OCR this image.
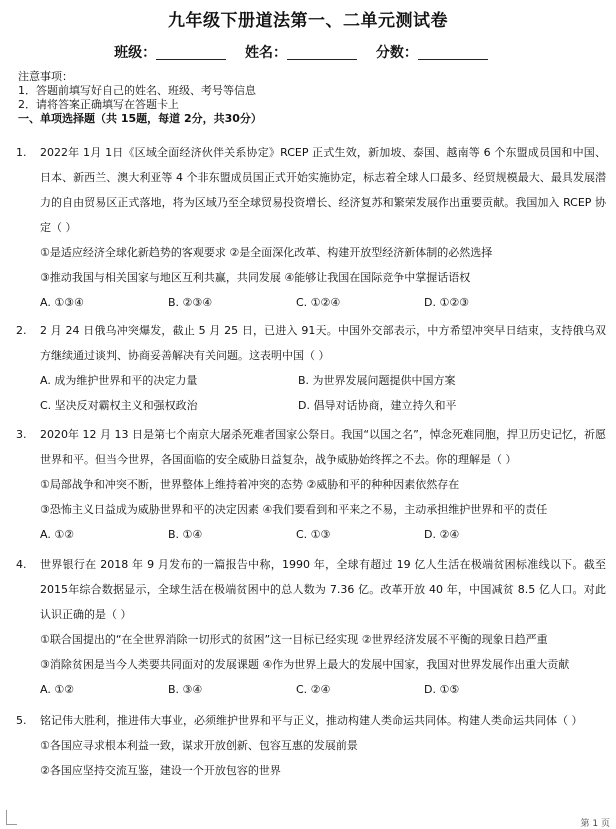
九年级下册道法第一、二单元测试卷
班级：	姓名：	分数：
注意事项：
1．答题前填写好自己的姓名、班级、考号等信息
2．请将答案正确填写在答题卡上
一、单项选择题（共 15题，每道 2分，共30分）
1.	2022年 1月 1日《区域全面经济伙伴关系协定》RCEP 正式生效，新加坡、泰国、越南等 6 个东盟成员国和中国、日本、新西兰、澳大利亚等 4 个非东盟成员国正式开始实施协定，标志着全球人口最多、经贸规模最大、最具发展潜力的自由贸易区正式落地，将为区域乃至全球贸易投资增长、经济复苏和繁荣发展作出重要贡献。我国加入 RCEP 协定（ ）
①是适应经济全球化新趋势的客观要求 ②是全面深化改革、构建开放型经济新体制的必然选择
③推动我国与相关国家与地区互利共赢，共同发展 ④能够让我国在国际竞争中掌握话语权
A. ①③④	B. ②③④	C. ①②④	D. ①②③
2.	2 月 24 日俄乌冲突爆发，截止 5 月 25 日，已进入 91天。中国外交部表示，中方希望冲突早日结束，支持俄乌双方继续通过谈判、协商妥善解决有关问题。这表明中国（ ）
A. 成为维护世界和平的决定力量	B. 为世界发展问题提供中国方案
C. 坚决反对霸权主义和强权政治	D. 倡导对话协商，建立持久和平
3.	2020年 12 月 13 日是第七个南京大屠杀死难者国家公祭日。我国“以国之名”，悼念死难同胞，捍卫历史记忆，祈愿世界和平。但当今世界，各国面临的安全威胁日益复杂，战争威胁始终挥之不去。你的理解是（ ）
①局部战争和冲突不断，世界整体上维持着冲突的态势 ②威胁和平的种种因素依然存在
③恐怖主义日益成为威胁世界和平的决定因素 ④我们要看到和平来之不易，主动承担维护世界和平的责任
A. ①②	B. ①④	C. ①③	D. ②④
4.	世界银行在 2018 年 9 月发布的一篇报告中称，1990 年，全球有超过 19 亿人生活在极端贫困标准线以下。截至 2015年综合数据显示，全球生活在极端贫困中的总人数为 7.36 亿。改革开放 40 年，中国减贫 8.5 亿人口。对此认识正确的是（ ）
①联合国提出的“在全世界消除一切形式的贫困”这一目标已经实现 ②世界经济发展不平衡的现象日趋严重
③消除贫困是当今人类要共同面对的发展课题 ④作为世界上最大的发展中国家，我国对世界发展作出重大贡献
A. ①②	B. ③④	C. ②④	D. ①⑤
5.	铭记伟大胜利，推进伟大事业，必须维护世界和平与正义，推动构建人类命运共同体。构建人类命运共同体（ ）
①各国应寻求根本利益一致，谋求开放创新、包容互惠的发展前景
②各国应坚持交流互鉴，建设一个开放包容的世界
第 1 页
